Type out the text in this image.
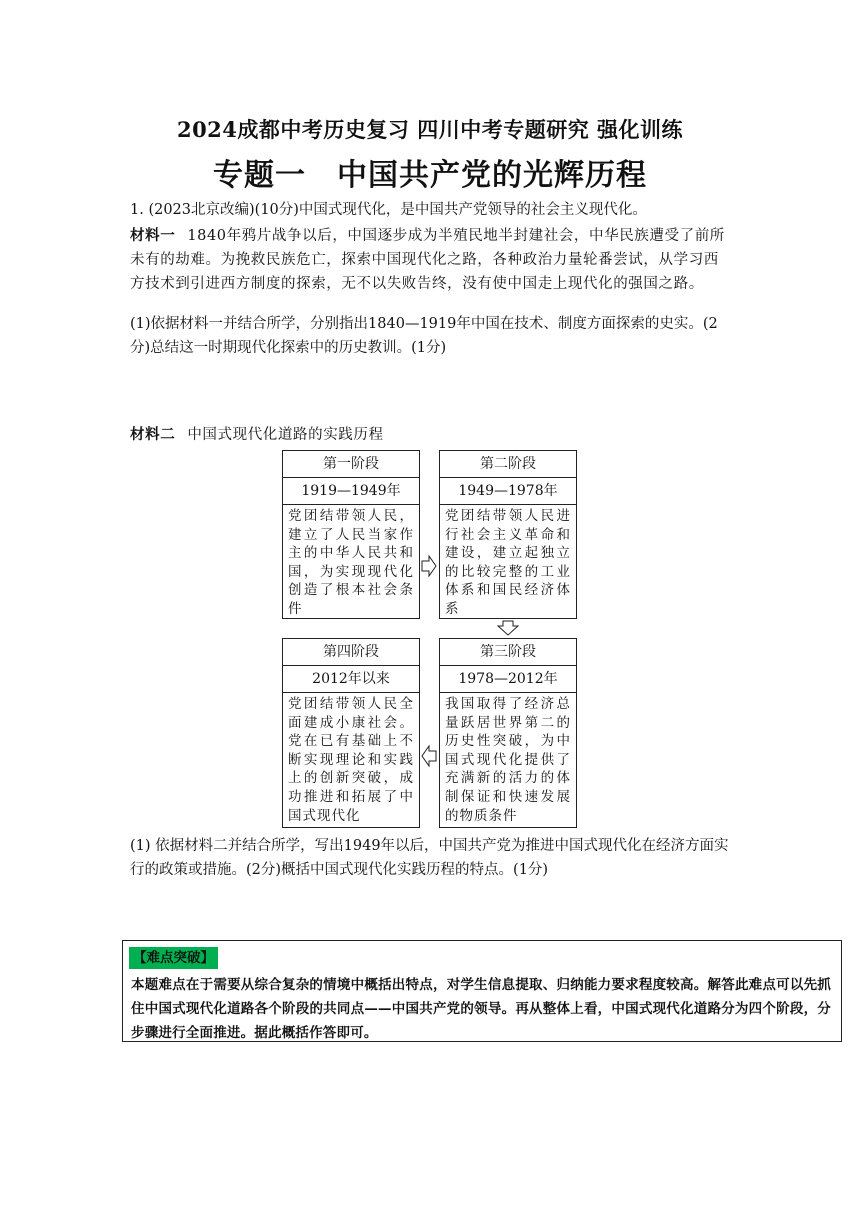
2024成都中考历史复习 四川中考专题研究 强化训练
专题一　中国共产党的光辉历程
1. (2023北京改编)(10分)中国式现代化，是中国共产党领导的社会主义现代化。
材料一 1840年鸦片战争以后，中国逐步成为半殖民地半封建社会，中华民族遭受了前所未有的劫难。为挽救民族危亡，探索中国现代化之路，各种政治力量轮番尝试，从学习西方技术到引进西方制度的探索，无不以失败告终，没有使中国走上现代化的强国之路。
(1)依据材料一并结合所学，分别指出1840—1919年中国在技术、制度方面探索的史实。(2分)总结这一时期现代化探索中的历史教训。(1分)
材料二 中国式现代化道路的实践历程
第一阶段
1919—1949年
党团结带领人民，建立了人民当家作主的中华人民共和国，为实现现代化创造了根本社会条件
第二阶段
1949—1978年
党团结带领人民进行社会主义革命和建设，建立起独立的比较完整的工业体系和国民经济体系
第四阶段
2012年以来
党团结带领人民全面建成小康社会。党在已有基础上不断实现理论和实践上的创新突破，成功推进和拓展了中国式现代化
第三阶段
1978—2012年
我国取得了经济总量跃居世界第二的历史性突破，为中国式现代化提供了充满新的活力的体制保证和快速发展的物质条件
(1) 依据材料二并结合所学，写出1949年以后，中国共产党为推进中国式现代化在经济方面实行的政策或措施。(2分)概括中国式现代化实践历程的特点。(1分)
【难点突破】
本题难点在于需要从综合复杂的情境中概括出特点，对学生信息提取、归纳能力要求程度较高。解答此难点可以先抓住中国式现代化道路各个阶段的共同点——中国共产党的领导。再从整体上看，中国式现代化道路分为四个阶段，分步骤进行全面推进。据此概括作答即可。
